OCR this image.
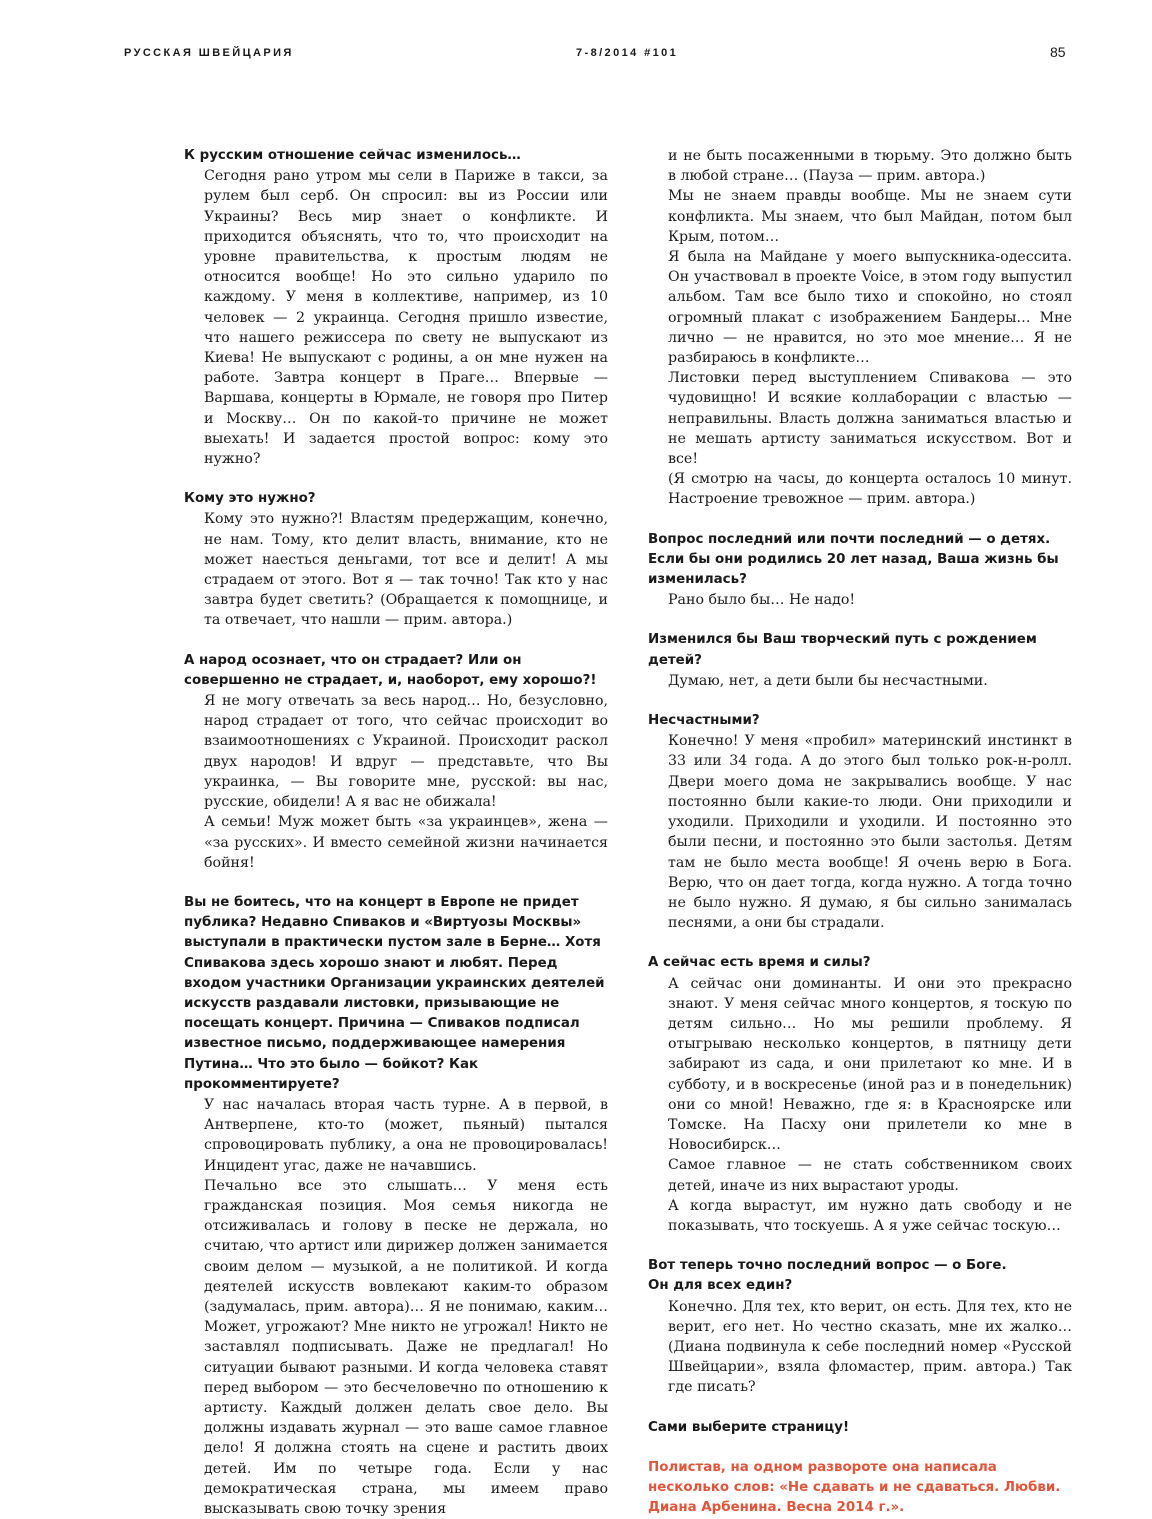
РУССКАЯ ШВЕЙЦАРИЯ	7-8/2014 #101	85

К русским отношение сейчас изменилось…

Сегодня рано утром мы сели в Париже в такси, за рулем был серб. Он спросил: вы из России или Украины? Весь мир знает о конфликте. И приходится объяснять, что то, что происходит на уровне правительства, к простым людям не относится вообще! Но это сильно ударило по каждому. У меня в коллективе, например, из 10 человек — 2 украинца. Сегодня пришло известие, что нашего режиссера по свету не выпускают из Киева! Не выпускают с родины, а он мне нужен на работе. Завтра концерт в Праге… Впервые — Варшава, концерты в Юрмале, не говоря про Питер и Москву… Он по какой-то причине не может выехать! И задается простой вопрос: кому это нужно?

Кому это нужно?

Кому это нужно?! Властям предержащим, конечно, не нам. Тому, кто делит власть, внимание, кто не может наесться деньгами, тот все и делит! А мы страдаем от этого. Вот я — так точно! Так кто у нас завтра будет светить? (Обращается к помощнице, и та отвечает, что нашли — прим. автора.)

А народ осознает, что он страдает? Или он совершенно не страдает, и, наоборот, ему хорошо?!

Я не могу отвечать за весь народ… Но, безусловно, народ страдает от того, что сейчас происходит во взаимоотношениях с Украиной. Происходит раскол двух народов! И вдруг — представьте, что Вы украинка, — Вы говорите мне, русской: вы нас, русские, обидели! А я вас не обижала!

А семьи! Муж может быть «за украинцев», жена — «за русских». И вместо семейной жизни начинается бойня!

Вы не боитесь, что на концерт в Европе не придет публика? Недавно Спиваков и «Виртуозы Москвы» выступали в практически пустом зале в Берне… Хотя Спивакова здесь хорошо знают и любят. Перед входом участники Организации украинских деятелей искусств раздавали листовки, призывающие не посещать концерт. Причина — Спиваков подписал известное письмо, поддерживающее намерения Путина… Что это было — бойкот? Как прокомментируете?

У нас началась вторая часть турне. А в первой, в Антверпене, кто-то (может, пьяный) пытался спровоцировать публику, а она не провоцировалась! Инцидент угас, даже не начавшись.

Печально все это слышать… У меня есть гражданская позиция. Моя семья никогда не отсиживалась и голову в песке не держала, но считаю, что артист или дирижер должен занимается своим делом — музыкой, а не политикой. И когда деятелей искусств вовлекают каким-то образом (задумалась, прим. автора)… Я не понимаю, каким… Может, угрожают? Мне никто не угрожал! Никто не заставлял подписывать. Даже не предлагал! Но ситуации бывают разными. И когда человека ставят перед выбором — это бесчеловечно по отношению к артисту. Каждый должен делать свое дело. Вы должны издавать журнал — это ваше самое главное дело! Я должна стоять на сцене и растить двоих детей. Им по четыре года. Если у нас демократическая страна, мы имеем право высказывать свою точку зрения

и не быть посаженными в тюрьму. Это должно быть в любой стране… (Пауза — прим. автора.)

Мы не знаем правды вообще. Мы не знаем сути конфликта. Мы знаем, что был Майдан, потом был Крым, потом…

Я была на Майдане у моего выпускника-одессита. Он участвовал в проекте Voice, в этом году выпустил альбом. Там все было тихо и спокойно, но стоял огромный плакат с изображением Бандеры… Мне лично — не нравится, но это мое мнение… Я не разбираюсь в конфликте…

Листовки перед выступлением Спивакова — это чудовищно! И всякие коллаборации с властью — неправильны. Власть должна заниматься властью и не мешать артисту заниматься искусством. Вот и все!

(Я смотрю на часы, до концерта осталось 10 минут. Настроение тревожное — прим. автора.)

Вопрос последний или почти последний — о детях. Если бы они родились 20 лет назад, Ваша жизнь бы изменилась?

Рано было бы… Не надо!

Изменился бы Ваш творческий путь с рождением детей?

Думаю, нет, а дети были бы несчастными.

Несчастными?

Конечно! У меня «пробил» материнский инстинкт в 33 или 34 года. А до этого был только рок-н-ролл. Двери моего дома не закрывались вообще. У нас постоянно были какие-то люди. Они приходили и уходили. Приходили и уходили. И постоянно это были песни, и постоянно это были застолья. Детям там не было места вообще! Я очень верю в Бога. Верю, что он дает тогда, когда нужно. А тогда точно не было нужно. Я думаю, я бы сильно занималась песнями, а они бы страдали.

А сейчас есть время и силы?

А сейчас они доминанты. И они это прекрасно знают. У меня сейчас много концертов, я тоскую по детям сильно… Но мы решили проблему. Я отыгрываю несколько концертов, в пятницу дети забирают из сада, и они прилетают ко мне. И в субботу, и в воскресенье (иной раз и в понедельник) они со мной! Неважно, где я: в Красноярске или Томске. На Пасху они прилетели ко мне в Новосибирск…

Самое главное — не стать собственником своих детей, иначе из них вырастают уроды.

А когда вырастут, им нужно дать свободу и не показывать, что тоскуешь. А я уже сейчас тоскую…

Вот теперь точно последний вопрос — о Боге.

Он для всех един?

Конечно. Для тех, кто верит, он есть. Для тех, кто не верит, его нет. Но честно сказать, мне их жалко… (Диана подвинула к себе последний номер «Русской Швейцарии», взяла фломастер, прим. автора.) Так где писать?

Сами выберите страницу!

Полистав, на одном развороте она написала несколько слов: «Не сдавать и не сдаваться. Любви. Диана Арбенина. Весна 2014 г.».
